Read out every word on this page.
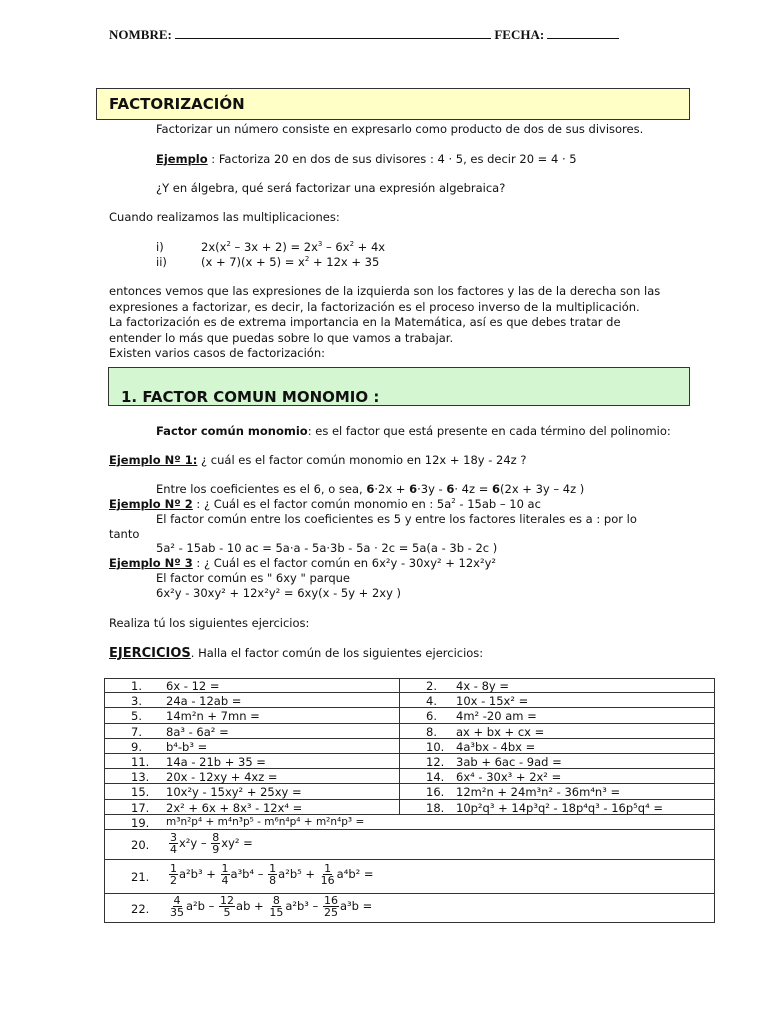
NOMBRE:	FECHA:
FACTORIZACIÓN
Factorizar un número consiste en expresarlo como producto de dos de sus divisores.
Ejemplo : Factoriza 20 en dos de sus divisores : 4 · 5, es decir 20 = 4 · 5
¿Y en álgebra, qué será factorizar una expresión algebraica?
Cuando realizamos las multiplicaciones:
i)	$2x(x^2 - 3x + 2) = 2x^3 - 6x^2 + 4x$
ii)	$(x + 7)(x + 5) = x^2 + 12x + 35$
entonces vemos que las expresiones de la izquierda son los factores y las de la derecha son las
expresiones a factorizar, es decir, la factorización es el proceso inverso de la multiplicación.
La factorización es de extrema importancia en la Matemática, así es que debes tratar de
entender lo más que puedas sobre lo que vamos a trabajar.
Existen varios casos de factorización:
1. FACTOR COMUN MONOMIO :
Factor común monomio: es el factor que está presente en cada término del polinomio:
Ejemplo Nº 1: ¿ cuál es el factor común monomio en 12x + 18y - 24z ?
Entre los coeficientes es el 6, o sea, 6·2x + 6·3y - 6· 4z = 6(2x + 3y – 4z )
Ejemplo Nº 2 : ¿ Cuál es el factor común monomio en : $5a^2 - 15ab - 10$ ac
El factor común entre los coeficientes es 5 y entre los factores literales es a : por lo
tanto
5a² - 15ab - 10 ac = 5a·a - 5a·3b - 5a · 2c = 5a(a - 3b - 2c )
Ejemplo Nº 3 : ¿ Cuál es el factor común en 6x²y - 30xy² + 12x²y²
El factor común es " 6xy " parque
6x²y - 30xy² + 12x²y² = 6xy(x - 5y + 2xy )
Realiza tú los siguientes ejercicios:
EJERCICIOS. Halla el factor común de los siguientes ejercicios:
1. 6x - 12 =	2. 4x - 8y =
3. 24a - 12ab =	4. 10x - 15x² =
5. 14m²n + 7mn =	6. 4m² -20 am =
7. 8a³ - 6a² =	8. ax + bx + cx =
9. b⁴-b³ =	10. 4a³bx - 4bx =
11. 14a - 21b + 35 =	12. 3ab + 6ac - 9ad =
13. 20x - 12xy + 4xz =	14. 6x⁴ - 30x³ + 2x² =
15. 10x²y - 15xy² + 25xy =	16. 12m²n + 24m³n² - 36m⁴n³ =
17. 2x² + 6x + 8x³ - 12x⁴ =	18. 10p²q³ + 14p³q² - 18p⁴q³ - 16p⁵q⁴ =
19. m³n²p⁴ + m⁴n³p⁵ - m⁶n⁴p⁴ + m²n⁴p³ =
20. $\frac{3}{4} x^2y - \frac{8}{9} xy^2$ =
21. $\frac{1}{2} a^2b^3 + \frac{1}{4} a^3b^4 - \frac{1}{8} a^2b^5 + \frac{1}{16} a^4b^2$ =
22. $\frac{4}{35} a^2b - \frac{12}{5}$ ab + $\frac{8}{15} a^2b^3 - \frac{16}{25} a^3b$ =
